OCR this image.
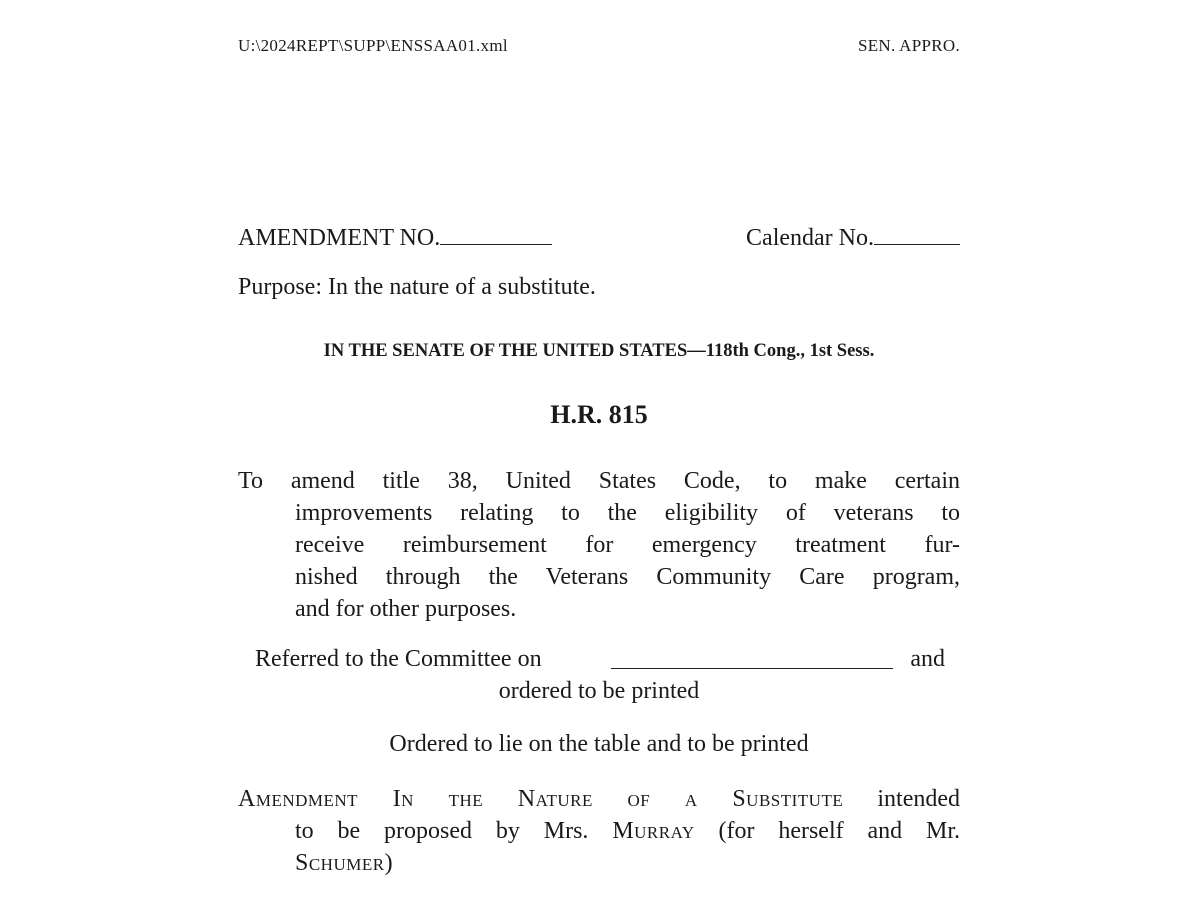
U:\2024REPT\SUPP\ENSSAA01.xml	SEN. APPRO.
AMENDMENT NO.	Calendar No.
Purpose: In the nature of a substitute.
IN THE SENATE OF THE UNITED STATES—118th Cong., 1st Sess.
H.R. 815
To amend title 38, United States Code, to make certain
improvements relating to the eligibility of veterans to
receive reimbursement for emergency treatment fur-
nished through the Veterans Community Care program,
and for other purposes.
Referred to the Committee on	and
ordered to be printed
Ordered to lie on the table and to be printed
Amendment In the Nature of a Substitute intended
to be proposed by Mrs. Murray (for herself and Mr.
Schumer)
